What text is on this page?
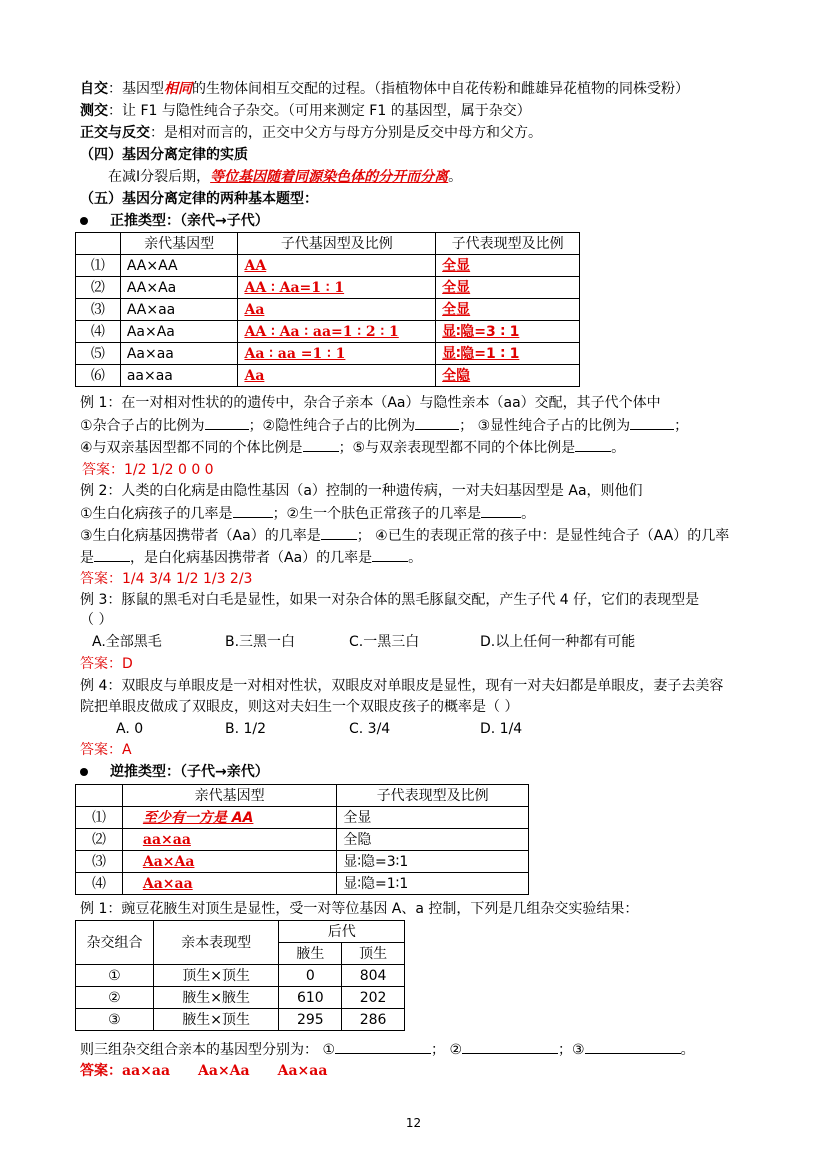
自交：基因型相同的生物体间相互交配的过程。（指植物体中自花传粉和雌雄异花植物的同株受粉）
测交：让 F1 与隐性纯合子杂交。（可用来测定 F1 的基因型，属于杂交）
正交与反交：是相对而言的，正交中父方与母方分别是反交中母方和父方。
（四）基因分离定律的实质
在减Ⅰ分裂后期，等位基因随着同源染色体的分开而分离。
（五）基因分离定律的两种基本题型：
正推类型：（亲代→子代）
	亲代基因型	子代基因型及比例	子代表现型及比例
⑴	AA×AA	AA	全显
⑵	AA×Aa	AA ∶ Aa=1 ∶ 1	全显
⑶	AA×aa	Aa	全显
⑷	Aa×Aa	AA ∶ Aa ∶ aa=1 ∶ 2 ∶ 1	显∶隐=3 ∶ 1
⑸	Aa×aa	Aa ∶ aa =1 ∶ 1	显∶隐=1 ∶ 1
⑹	aa×aa	Aa	全隐
例 1：在一对相对性状的的遗传中，杂合子亲本（Aa）与隐性亲本（aa）交配，其子代个体中
①杂合子占的比例为	；②隐性纯合子占的比例为	； ③显性纯合子占的比例为	；
④与双亲基因型都不同的个体比例是	；⑤与双亲表现型都不同的个体比例是	。
答案：1/2 1/2 0 0 0
例 2：人类的白化病是由隐性基因（a）控制的一种遗传病，一对夫妇基因型是 Aa，则他们
①生白化病孩子的几率是	；②生一个肤色正常孩子的几率是	。
③生白化病基因携带者（Aa）的几率是	； ④已生的表现正常的孩子中：是显性纯合子（AA）的几率
是	，是白化病基因携带者（Aa）的几率是	。
答案：1/4 3/4 1/2 1/3 2/3
例 3：豚鼠的黑毛对白毛是显性，如果一对杂合体的黑毛豚鼠交配，产生子代 4 仔，它们的表现型是
（ ）
A.全部黑毛	B.三黑一白	C.一黑三白	D.以上任何一种都有可能
答案：D
例 4：双眼皮与单眼皮是一对相对性状，双眼皮对单眼皮是显性，现有一对夫妇都是单眼皮，妻子去美容
院把单眼皮做成了双眼皮，则这对夫妇生一个双眼皮孩子的概率是（ ）
A. 0	B. 1/2	C. 3/4	D. 1/4
答案：A
逆推类型：（子代→亲代）
	亲代基因型	子代表现型及比例
⑴	至少有一方是 AA	全显
⑵	aa×aa	全隐
⑶	Aa×Aa	显∶隐=3∶1
⑷	Aa×aa	显∶隐=1∶1
例 1：豌豆花腋生对顶生是显性，受一对等位基因 A、a 控制，下列是几组杂交实验结果：
杂交组合	亲本表现型	后代	
		腋生	顶生
①	顶生×顶生	0	804
②	腋生×腋生	610	202
③	腋生×顶生	295	286
则三组杂交组合亲本的基因型分别为： ①	； ②	；③	。
答案：aa×aa Aa×Aa Aa×aa
12
